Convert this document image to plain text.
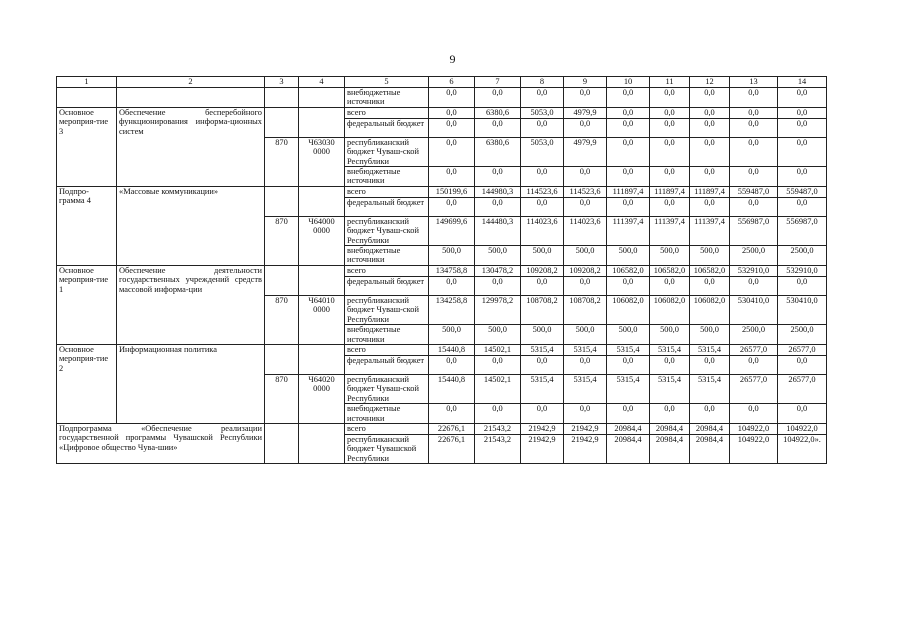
9
1	2	3	4	5	6	7	8	9	10	11	12	13	14
				внебюджетные источники	0,0	0,0	0,0	0,0	0,0	0,0	0,0	0,0	0,0
Основное мероприя-тие 3	Обеспечение бесперебойного функционирования информа-ционных систем			всего	0,0	6380,6	5053,0	4979,9	0,0	0,0	0,0	0,0	0,0
				федеральный бюджет	0,0	0,0	0,0	0,0	0,0	0,0	0,0	0,0	0,0
		870	Ч63030 0000	республиканский бюджет Чуваш-ской Республики	0,0	6380,6	5053,0	4979,9	0,0	0,0	0,0	0,0	0,0
				внебюджетные источники	0,0	0,0	0,0	0,0	0,0	0,0	0,0	0,0	0,0
Подпро-грамма 4	«Массовые коммуникации»			всего	150199,6	144980,3	114523,6	114523,6	111897,4	111897,4	111897,4	559487,0	559487,0
				федеральный бюджет	0,0	0,0	0,0	0,0	0,0	0,0	0,0	0,0	0,0
		870	Ч64000 0000	республиканский бюджет Чуваш-ской Республики	149699,6	144480,3	114023,6	114023,6	111397,4	111397,4	111397,4	556987,0	556987,0
				внебюджетные источники	500,0	500,0	500,0	500,0	500,0	500,0	500,0	2500,0	2500,0
Основное мероприя-тие 1	Обеспечение деятельности государственных учреждений средств массовой информа-ции			всего	134758,8	130478,2	109208,2	109208,2	106582,0	106582,0	106582,0	532910,0	532910,0
				федеральный бюджет	0,0	0,0	0,0	0,0	0,0	0,0	0,0	0,0	0,0
		870	Ч64010 0000	республиканский бюджет Чуваш-ской Республики	134258,8	129978,2	108708,2	108708,2	106082,0	106082,0	106082,0	530410,0	530410,0
				внебюджетные источники	500,0	500,0	500,0	500,0	500,0	500,0	500,0	2500,0	2500,0
Основное мероприя-тие 2	Информационная политика			всего	15440,8	14502,1	5315,4	5315,4	5315,4	5315,4	5315,4	26577,0	26577,0
				федеральный бюджет	0,0	0,0	0,0	0,0	0,0	0,0	0,0	0,0	0,0
		870	Ч64020 0000	республиканский бюджет Чуваш-ской Республики	15440,8	14502,1	5315,4	5315,4	5315,4	5315,4	5315,4	26577,0	26577,0
				внебюджетные источники	0,0	0,0	0,0	0,0	0,0	0,0	0,0	0,0	0,0
Подпрограмма «Обеспечение реализации государственной программы Чувашской Республики «Цифровое общество Чува-шии»				всего	22676,1	21543,2	21942,9	21942,9	20984,4	20984,4	20984,4	104922,0	104922,0
				республиканский бюджет Чувашской Республики	22676,1	21543,2	21942,9	21942,9	20984,4	20984,4	20984,4	104922,0	104922,0».
